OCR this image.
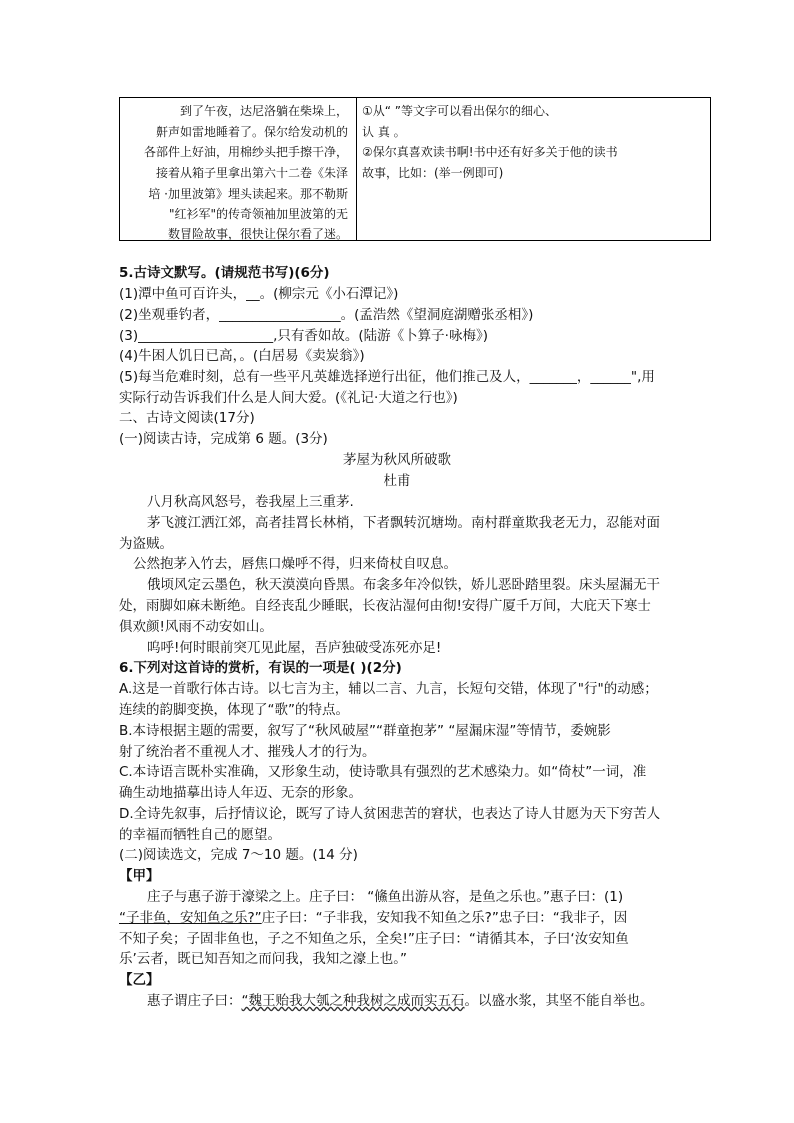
到了午夜，达尼洛躺在柴垛上，
鼾声如雷地睡着了。保尔给发动机的
各部件上好油，用棉纱头把手擦干净，
接着从箱子里拿出第六十二卷《朱泽
培 ·加里波第》埋头读起来。那不勒斯
"红衫军"的传奇领袖加里波第的无
数冒险故事，很快让保尔看了迷。
①从“ ”等文字可以看出保尔的细心、
认 真 。
②保尔真喜欢读书啊!书中还有好多关于他的读书
故事，比如：(举一例即可)
5.古诗文默写。(请规范书写)(6分)
(1)潭中鱼可百许头，__。(柳宗元《小石潭记》)
(2)坐观垂钓者，__________________。(孟浩然《望洞庭湖赠张丞相》)
(3)____________________,只有香如故。(陆游《卜算子·咏梅》)
(4)牛困人饥日已高，。(白居易《卖炭翁》)
(5)每当危难时刻，总有一些平凡英雄选择逆行出征，他们推己及人，_______，______",用
实际行动告诉我们什么是人间大爱。(《礼记·大道之行也》)
二、古诗文阅读(17分)
(一)阅读古诗，完成第 6 题。(3分)
茅屋为秋风所破歌
杜甫
八月秋高风怒号，卷我屋上三重茅.
茅飞渡江洒江郊，高者挂罥长林梢，下者飘转沉塘坳。南村群童欺我老无力，忍能对面
为盗贼。
公然抱茅入竹去，唇焦口燥呼不得，归来倚杖自叹息。
俄顷风定云墨色，秋天漠漠向昏黑。布衾多年冷似铁，娇儿恶卧踏里裂。床头屋漏无干
处，雨脚如麻未断绝。自经丧乱少睡眠，长夜沾湿何由彻!安得广厦千万间，大庇天下寒士
俱欢颜!风雨不动安如山。
呜呼!何时眼前突兀见此屋，吾庐独破受冻死亦足!
6.下列对这首诗的赏析，有误的一项是( )(2分)
A.这是一首歌行体古诗。以七言为主，辅以二言、九言，长短句交错，体现了"行"的动感；
连续的韵脚变换，体现了“歌”的特点。
B.本诗根据主题的需要，叙写了“秋风破屋”“群童抱茅” “屋漏床湿”等情节，委婉影
射了统治者不重视人才、摧残人才的行为。
C.本诗语言既朴实准确，又形象生动，使诗歌具有强烈的艺术感染力。如“倚杖”一词，准
确生动地描摹出诗人年迈、无奈的形象。
D.全诗先叙事，后抒情议论，既写了诗人贫困悲苦的窘状，也表达了诗人甘愿为天下穷苦人
的幸福而牺牲自己的愿望。
(二)阅读选文，完成 7～10 题。(14 分)
【甲】
庄子与惠子游于濠梁之上。庄子曰： “鯈鱼出游从容，是鱼之乐也。”惠子曰：(1)
“子非鱼，安知鱼之乐?”庄子曰：“子非我，安知我不知鱼之乐?”忠子曰：“我非子，因
不知子矣；子固非鱼也，子之不知鱼之乐，全矣!”庄子曰：“请循其本，子曰‘汝安知鱼
乐’云者，既已知吾知之而问我，我知之濠上也。”
【乙】
惠子谓庄子曰：“魏王贻我大瓠之种我树之成而实五石。以盛水浆，其坚不能自举也。
